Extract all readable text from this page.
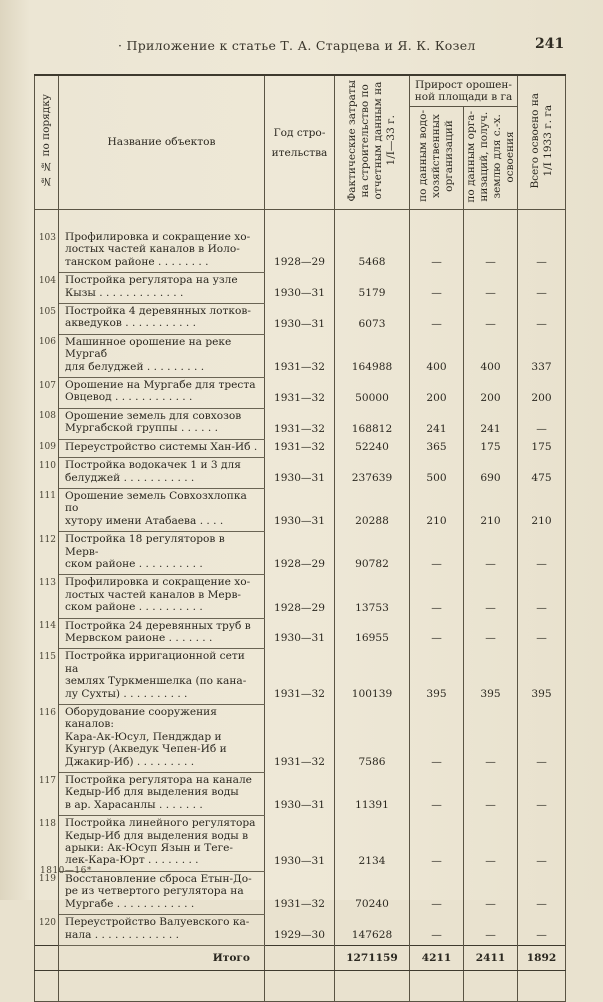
· Приложение к статье Т. А. Старцева и Я. К. Козел	241
№ № по порядку	Название объектов	Год стро-
ительства	Фактические затраты
на строительство по
отчетным данным на
1/I—33 г.	Прирост орошен-
ной площади в га		Всего освоено на
1/I 1933 г. га
				по данным водо-
хозяйственных
организаций	по данным орга-
низаций, получ.
землю для с.-х.
освоения	

103	Профилировка и сокращение хо-
лостых частей каналов в Иоло-
танском районе . . . . . . . .	1928—29	5468	—	—	—
104	Постройка регулятора на узле
Кызы . . . . . . . . . . . . .	1930—31	5179	—	—	—
105	Постройка 4 деревянных лотков-
акведуков . . . . . . . . . . .	1930—31	6073	—	—	—
106	Машинное орошение на реке Мургаб
для белуджей . . . . . . . . .	1931—32	164988	400	400	337
107	Орошение на Мургабе для треста
Овцевод . . . . . . . . . . . .	1931—32	50000	200	200	200
108	Орошение земель для совхозов
Мургабской группы . . . . . .	1931—32	168812	241	241	—
109	Переустройство системы Хан-Иб .	1931—32	52240	365	175	175
110	Постройка водокачек 1 и 3 для
белуджей . . . . . . . . . . .	1930—31	237639	500	690	475
111	Орошение земель Совхозхлопка по
хутору имени Атабаева . . . .	1930—31	20288	210	210	210
112	Постройка 18 регуляторов в Мерв-
ском районе . . . . . . . . . .	1928—29	90782	—	—	—
113	Профилировка и сокращение хо-
лостых частей каналов в Мерв-
ском районе . . . . . . . . . .	1928—29	13753	—	—	—
114	Постройка 24 деревянных труб в
Мервском раионе . . . . . . .	1930—31	16955	—	—	—
115	Постройка ирригационной сети на
землях Туркменшелка (по кана-
лу Сухты) . . . . . . . . . .	1931—32	100139	395	395	395
116	Оборудование сооружения каналов:
Кара-Ак-Юсул, Пендждар и
Кунгур (Акведук Чепен-Иб и
Джакир-Иб) . . . . . . . . .	1931—32	7586	—	—	—
117	Постройка регулятора на канале
Кедыр-Иб для выделения воды
в ар. Харасанлы . . . . . . .	1930—31	11391	—	—	—
118	Постройка линейного регулятора
Кедыр-Иб для выделения воды в
арыки: Ак-Юсуп Язын и Теге-
лек-Кара-Юрт . . . . . . . .	1930—31	2134	—	—	—
119	Восстановление сброса Етын-До-
ре из четвертого регулятора на
Мургабе . . . . . . . . . . . .	1931—32	70240	—	—	—
120	Переустройство Валуевского ка-
нала . . . . . . . . . . . . .	1929—30	147628	—	—	—
	Итого		1271159	4211	2411	1892

1810—16*
